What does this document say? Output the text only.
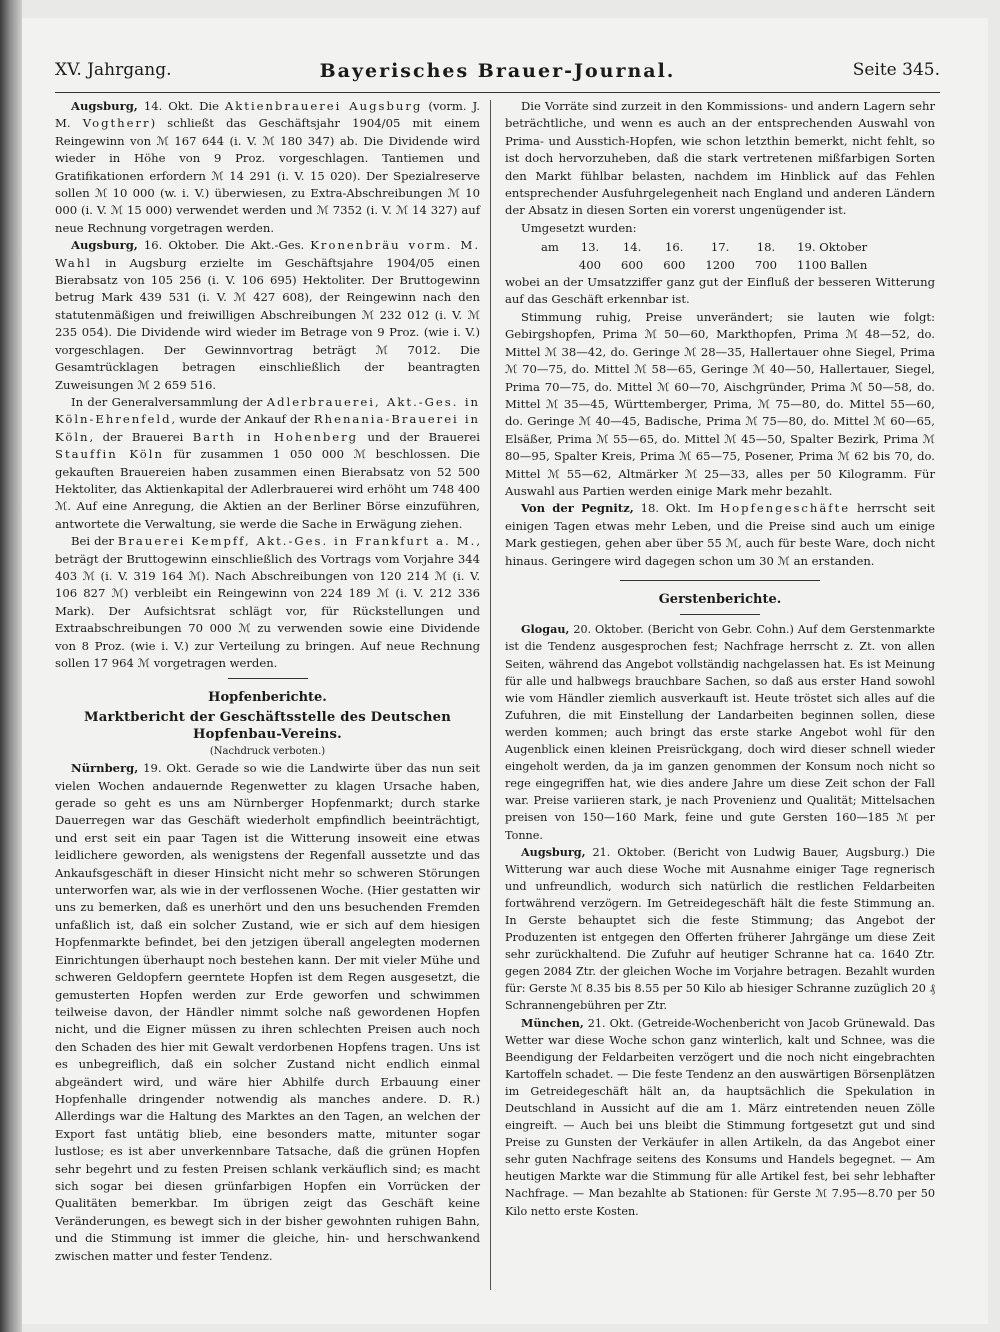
XV. Jahrgang.	Bayerisches Brauer-Journal.	Seite 345.

Augsburg, 14. Okt. Die Aktienbrauerei Augsburg (vorm. J. M. Vogtherr) schließt das Geschäftsjahr 1904/05 mit einem Reingewinn von ℳ 167 644 (i. V. ℳ 180 347) ab. Die Dividende wird wieder in Höhe von 9 Proz. vorgeschlagen. Tantiemen und Gratifikationen erfordern ℳ 14 291 (i. V. 15 020). Der Spezialreserve sollen ℳ 10 000 (w. i. V.) überwiesen, zu Extra-Abschreibungen ℳ 10 000 (i. V. ℳ 15 000) verwendet werden und ℳ 7352 (i. V. ℳ 14 327) auf neue Rechnung vorgetragen werden.

Augsburg, 16. Oktober. Die Akt.-Ges. Kronenbräu vorm. M. Wahl in Augsburg erzielte im Geschäftsjahre 1904/05 einen Bierabsatz von 105 256 (i. V. 106 695) Hektoliter. Der Bruttogewinn betrug Mark 439 531 (i. V. ℳ 427 608), der Reingewinn nach den statutenmäßigen und freiwilligen Abschreibungen ℳ 232 012 (i. V. ℳ 235 054). Die Dividende wird wieder im Betrage von 9 Proz. (wie i. V.) vorgeschlagen. Der Gewinnvortrag beträgt ℳ 7012. Die Gesamtrücklagen betragen einschließlich der beantragten Zuweisungen ℳ 2 659 516.

In der Generalversammlung der Adlerbrauerei, Akt.-Ges. in Köln-Ehrenfeld, wurde der Ankauf der Rhenania-Brauerei in Köln, der Brauerei Barth in Hohenberg und der Brauerei Stauffin Köln für zusammen 1 050 000 ℳ beschlossen. Die gekauften Brauereien haben zusammen einen Bierabsatz von 52 500 Hektoliter, das Aktienkapital der Adlerbrauerei wird erhöht um 748 400 ℳ. Auf eine Anregung, die Aktien an der Berliner Börse einzuführen, antwortete die Verwaltung, sie werde die Sache in Erwägung ziehen.

Bei der Brauerei Kempff, Akt.-Ges. in Frankfurt a. M., beträgt der Bruttogewinn einschließlich des Vortrags vom Vorjahre 344 403 ℳ (i. V. 319 164 ℳ). Nach Abschreibungen von 120 214 ℳ (i. V. 106 827 ℳ) verbleibt ein Reingewinn von 224 189 ℳ (i. V. 212 336 Mark). Der Aufsichtsrat schlägt vor, für Rückstellungen und Extraabschreibungen 70 000 ℳ zu verwenden sowie eine Dividende von 8 Proz. (wie i. V.) zur Verteilung zu bringen. Auf neue Rechnung sollen 17 964 ℳ vorgetragen werden.

Hopfenberichte.
Marktbericht der Geschäftsstelle des Deutschen Hopfenbau-Vereins.
(Nachdruck verboten.)

Nürnberg, 19. Okt. Gerade so wie die Landwirte über das nun seit vielen Wochen andauernde Regenwetter zu klagen Ursache haben, gerade so geht es uns am Nürnberger Hopfenmarkt; durch starke Dauerregen war das Geschäft wiederholt empfindlich beeinträchtigt, und erst seit ein paar Tagen ist die Witterung insoweit eine etwas leidlichere geworden, als wenigstens der Regenfall aussetzte und das Ankaufsgeschäft in dieser Hinsicht nicht mehr so schweren Störungen unterworfen war, als wie in der verflossenen Woche. (Hier gestatten wir uns zu bemerken, daß es unerhört und den uns besuchenden Fremden unfaßlich ist, daß ein solcher Zustand, wie er sich auf dem hiesigen Hopfenmarkte befindet, bei den jetzigen überall angelegten modernen Einrichtungen überhaupt noch bestehen kann. Der mit vieler Mühe und schweren Geldopfern geerntete Hopfen ist dem Regen ausgesetzt, die gemusterten Hopfen werden zur Erde geworfen und schwimmen teilweise davon, der Händler nimmt solche naß gewordenen Hopfen nicht, und die Eigner müssen zu ihren schlechten Preisen auch noch den Schaden des hier mit Gewalt verdorbenen Hopfens tragen. Uns ist es unbegreiflich, daß ein solcher Zustand nicht endlich einmal abgeändert wird, und wäre hier Abhilfe durch Erbauung einer Hopfenhalle dringender notwendig als manches andere. D. R.) Allerdings war die Haltung des Marktes an den Tagen, an welchen der Export fast untätig blieb, eine besonders matte, mitunter sogar lustlose; es ist aber unverkennbare Tatsache, daß die grünen Hopfen sehr begehrt und zu festen Preisen schlank verkäuflich sind; es macht sich sogar bei diesen grünfarbigen Hopfen ein Vorrücken der Qualitäten bemerkbar. Im übrigen zeigt das Geschäft keine Veränderungen, es bewegt sich in der bisher gewohnten ruhigen Bahn, und die Stimmung ist immer die gleiche, hin- und herschwankend zwischen matter und fester Tendenz.

Die Vorräte sind zurzeit in den Kommissions- und andern Lagern sehr beträchtliche, und wenn es auch an der entsprechenden Auswahl von Prima- und Ausstich-Hopfen, wie schon letzthin bemerkt, nicht fehlt, so ist doch hervorzuheben, daß die stark vertretenen mißfarbigen Sorten den Markt fühlbar belasten, nachdem im Hinblick auf das Fehlen entsprechender Ausfuhrgelegenheit nach England und anderen Ländern der Absatz in diesen Sorten ein vorerst ungenügender ist.

Umgesetzt wurden:

am	13.	14.	16.	17.	18.	19. Oktober
	400	600	600	1200	700	1100 Ballen

wobei an der Umsatzziffer ganz gut der Einfluß der besseren Witterung auf das Geschäft erkennbar ist.

Stimmung ruhig, Preise unverändert; sie lauten wie folgt: Gebirgshopfen, Prima ℳ 50—60, Markthopfen, Prima ℳ 48—52, do. Mittel ℳ 38—42, do. Geringe ℳ 28—35, Hallertauer ohne Siegel, Prima ℳ 70—75, do. Mittel ℳ 58—65, Geringe ℳ 40—50, Hallertauer, Siegel, Prima 70—75, do. Mittel ℳ 60—70, Aischgründer, Prima ℳ 50—58, do. Mittel ℳ 35—45, Württemberger, Prima, ℳ 75—80, do. Mittel 55—60, do. Geringe ℳ 40—45, Badische, Prima ℳ 75—80, do. Mittel ℳ 60—65, Elsäßer, Prima ℳ 55—65, do. Mittel ℳ 45—50, Spalter Bezirk, Prima ℳ 80—95, Spalter Kreis, Prima ℳ 65—75, Posener, Prima ℳ 62 bis 70, do. Mittel ℳ 55—62, Altmärker ℳ 25—33, alles per 50 Kilogramm. Für Auswahl aus Partien werden einige Mark mehr bezahlt.

Von der Pegnitz, 18. Okt. Im Hopfengeschäfte herrscht seit einigen Tagen etwas mehr Leben, und die Preise sind auch um einige Mark gestiegen, gehen aber über 55 ℳ, auch für beste Ware, doch nicht hinaus. Geringere wird dagegen schon um 30 ℳ an erstanden.

Gerstenberichte.

Glogau, 20. Oktober. (Bericht von Gebr. Cohn.) Auf dem Gerstenmarkte ist die Tendenz ausgesprochen fest; Nachfrage herrscht z. Zt. von allen Seiten, während das Angebot vollständig nachgelassen hat. Es ist Meinung für alle und halbwegs brauchbare Sachen, so daß aus erster Hand sowohl wie vom Händler ziemlich ausverkauft ist. Heute tröstet sich alles auf die Zufuhren, die mit Einstellung der Landarbeiten beginnen sollen, diese werden kommen; auch bringt das erste starke Angebot wohl für den Augenblick einen kleinen Preisrückgang, doch wird dieser schnell wieder eingeholt werden, da ja im ganzen genommen der Konsum noch nicht so rege eingegriffen hat, wie dies andere Jahre um diese Zeit schon der Fall war. Preise variieren stark, je nach Provenienz und Qualität; Mittelsachen preisen von 150—160 Mark, feine und gute Gersten 160—185 ℳ per Tonne.

Augsburg, 21. Oktober. (Bericht von Ludwig Bauer, Augsburg.) Die Witterung war auch diese Woche mit Ausnahme einiger Tage regnerisch und unfreundlich, wodurch sich natürlich die restlichen Feldarbeiten fortwährend verzögern. Im Getreidegeschäft hält die feste Stimmung an. In Gerste behauptet sich die feste Stimmung; das Angebot der Produzenten ist entgegen den Offerten früherer Jahrgänge um diese Zeit sehr zurückhaltend. Die Zufuhr auf heutiger Schranne hat ca. 1640 Ztr. gegen 2084 Ztr. der gleichen Woche im Vorjahre betragen. Bezahlt wurden für: Gerste ℳ 8.35 bis 8.55 per 50 Kilo ab hiesiger Schranne zuzüglich 20 ₰ Schrannengebühren per Ztr.

München, 21. Okt. (Getreide-Wochenbericht von Jacob Grünewald. Das Wetter war diese Woche schon ganz winterlich, kalt und Schnee, was die Beendigung der Feldarbeiten verzögert und die noch nicht eingebrachten Kartoffeln schadet. — Die feste Tendenz an den auswärtigen Börsenplätzen im Getreidegeschäft hält an, da hauptsächlich die Spekulation in Deutschland in Aussicht auf die am 1. März eintretenden neuen Zölle eingreift. — Auch bei uns bleibt die Stimmung fortgesetzt gut und sind Preise zu Gunsten der Verkäufer in allen Artikeln, da das Angebot einer sehr guten Nachfrage seitens des Konsums und Handels begegnet. — Am heutigen Markte war die Stimmung für alle Artikel fest, bei sehr lebhafter Nachfrage. — Man bezahlte ab Stationen: für Gerste ℳ 7.95—8.70 per 50 Kilo netto erste Kosten.
